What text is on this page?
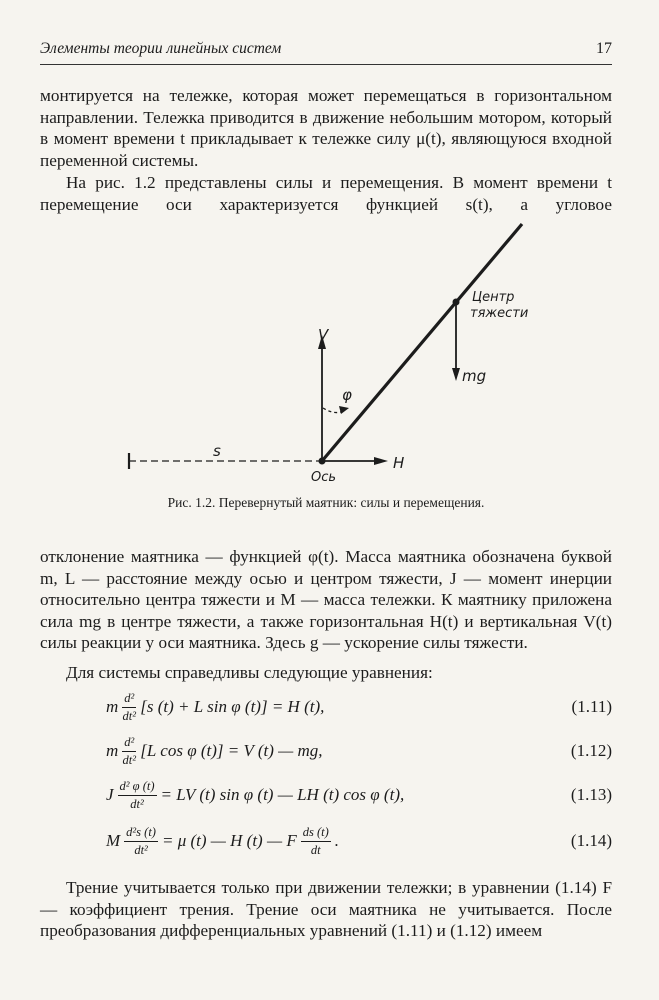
Элементы теории линейных систем	17

монтируется на тележке, которая может перемещаться в горизонтальном направлении. Тележка приводится в движение небольшим мотором, который в момент времени t прикладывает к тележке силу μ(t), являющуюся входной переменной системы.

На рис. 1.2 представлены силы и перемещения. В момент времени t перемещение оси характеризуется функцией s(t), а угловое

V
H
s
φ
mg
Ось
Центр
тяжести
Рис. 1.2. Перевернутый маятник: силы и перемещения.

отклонение маятника — функцией φ(t). Масса маятника обозначена буквой m, L — расстояние между осью и центром тяжести, J — момент инерции относительно центра тяжести и M — масса тележки. К маятнику приложена сила mg в центре тяжести, а также горизонтальная H(t) и вертикальная V(t) силы реакции у оси маятника. Здесь g — ускорение силы тяжести.

Для системы справедливы следующие уравнения:

m $\frac{\text{d²}}{\text{dt²}} [s$ (t) + L sin φ (t)] = H (t),	(1.11)
m $\frac{\text{d²}}{\text{dt²}} [L$ cos φ (t)] = V (t) — mg,	(1.12)
J $\frac{\text{d² φ (t)}}{\text{dt²}}$ = LV (t) sin φ (t) — LH (t) cos φ (t),	(1.13)
M $\frac{\text{d²s (t)}}{\text{dt²}} = \mu$ (t) — H (t) — F $\frac{ds (t)}{dt}$ .	(1.14)

Трение учитывается только при движении тележки; в уравнении (1.14) F — коэффициент трения. Трение оси маятника не учитывается. После преобразования дифференциальных уравнений (1.11) и (1.12) имеем
